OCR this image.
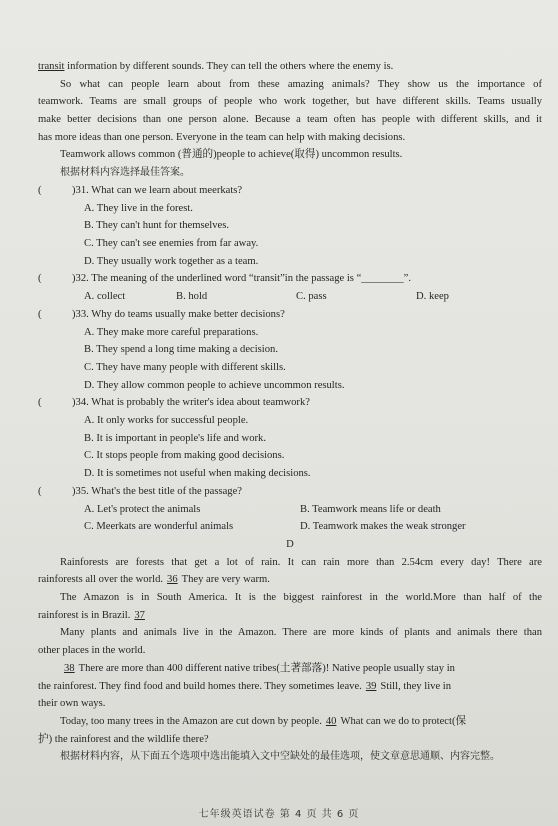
transit information by different sounds. They can tell the others where the enemy is.
So what can people learn about from these amazing animals? They show us the importance of
teamwork. Teams are small groups of people who work together, but have different skills. Teams usually
make better decisions than one person alone. Because a team often has people with different skills, and it
has more ideas than one person. Everyone in the team can help with making decisions.
Teamwork allows common (普通的)people to achieve(取得) uncommon results.
根据材料内容选择最佳答案。
(	)31. What can we learn about meerkats?
A. They live in the forest.
B. They can't hunt for themselves.
C. They can't see enemies from far away.
D. They usually work together as a team.
(	)32. The meaning of the underlined word “transit”in the passage is “________”.
A. collect	B. hold	C. pass	D. keep
(	)33. Why do teams usually make better decisions?
A. They make more careful preparations.
B. They spend a long time making a decision.
C. They have many people with different skills.
D. They allow common people to achieve uncommon results.
(	)34. What is probably the writer's idea about teamwork?
A. It only works for successful people.
B. It is important in people's life and work.
C. It stops people from making good decisions.
D. It is sometimes not useful when making decisions.
(	)35. What's the best title of the passage?
A. Let's protect the animals	B. Teamwork means life or death
C. Meerkats are wonderful animals	D. Teamwork makes the weak stronger
D
Rainforests are forests that get a lot of rain. It can rain more than 2.54cm every day! There are
rainforests all over the world. 36 They are very warm.
The Amazon is in South America. It is the biggest rainforest in the world.More than half of the
rainforest is in Brazil. 37
Many plants and animals live in the Amazon. There are more kinds of plants and animals there than
other places in the world.
38 There are more than 400 different native tribes(土著部落)! Native people usually stay in
the rainforest. They find food and build homes there. They sometimes leave. 39 Still, they live in
their own ways.
Today, too many trees in the Amazon are cut down by people. 40 What can we do to protect(保
护) the rainforest and the wildlife there?
根据材料内容，从下面五个选项中选出能填入文中空缺处的最佳选项，使文章意思通顺、内容完整。
七年级英语试卷 第 4 页 共 6 页
